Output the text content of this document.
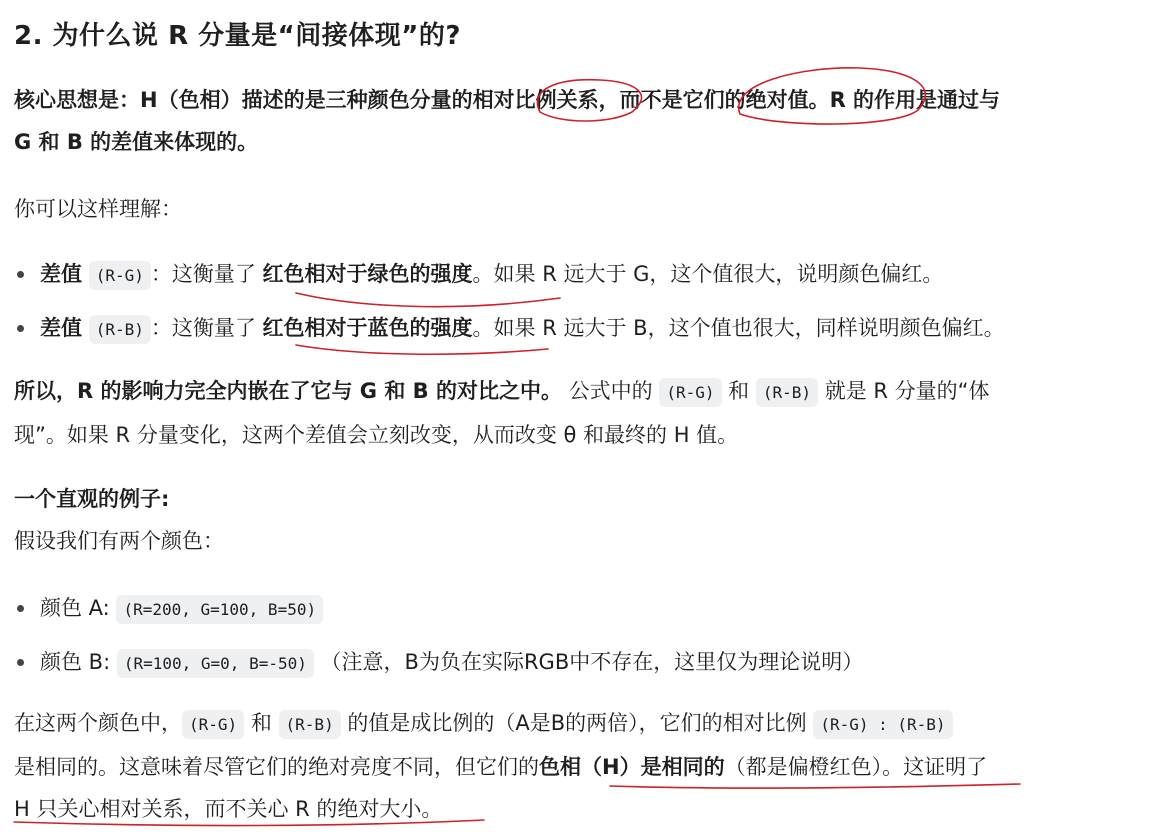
2. 为什么说 R 分量是“间接体现”的?

核心思想是：H（色相）描述的是三种颜色分量的相对比例关系，而不是它们的绝对值。R 的作用是通过与
G 和 B 的差值来体现的。

你可以这样理解：

差值 (R-G) ：这衡量了 红色相对于绿色的强度。如果 R 远大于 G，这个值很大，说明颜色偏红。
差值 (R-B) ：这衡量了 红色相对于蓝色的强度。如果 R 远大于 B，这个值也很大，同样说明颜色偏红。

所以，R 的影响力完全内嵌在了它与 G 和 B 的对比之中。 公式中的 (R-G) 和 (R-B) 就是 R 分量的“体
现”。如果 R 分量变化，这两个差值会立刻改变，从而改变 θ 和最终的 H 值。

一个直观的例子:
假设我们有两个颜色：

颜色 A: (R=200, G=100, B=50)
颜色 B: (R=100, G=0, B=-50) （注意，B为负在实际RGB中不存在，这里仅为理论说明）

在这两个颜色中， (R-G) 和 (R-B) 的值是成比例的（A是B的两倍），它们的相对比例 (R-G) : (R-B)
是相同的。这意味着尽管它们的绝对亮度不同，但它们的色相（H）是相同的（都是偏橙红色）。这证明了
H 只关心相对关系，而不关心 R 的绝对大小。
